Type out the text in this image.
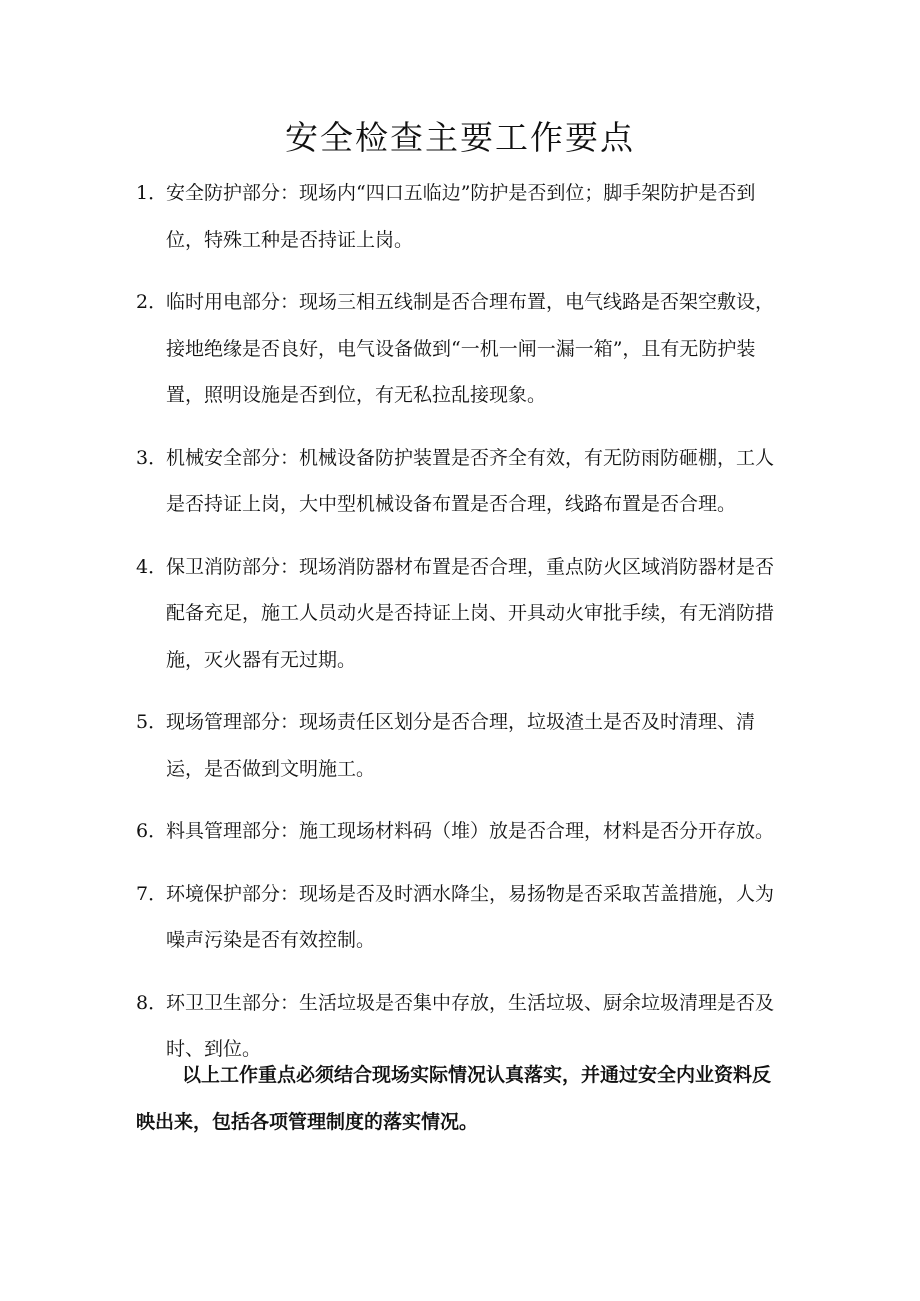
安全检查主要工作要点
1．
安全防护部分：现场内“四口五临边”防护是否到位；脚手架防护是否到位，特殊工种是否持证上岗。
2．
临时用电部分：现场三相五线制是否合理布置，电气线路是否架空敷设，接地绝缘是否良好，电气设备做到“一机一闸一漏一箱”，且有无防护装置，照明设施是否到位，有无私拉乱接现象。
3．
机械安全部分：机械设备防护装置是否齐全有效，有无防雨防砸棚，工人是否持证上岗，大中型机械设备布置是否合理，线路布置是否合理。
4．
保卫消防部分：现场消防器材布置是否合理，重点防火区域消防器材是否配备充足，施工人员动火是否持证上岗、开具动火审批手续，有无消防措施，灭火器有无过期。
5．
现场管理部分：现场责任区划分是否合理，垃圾渣土是否及时清理、清运，是否做到文明施工。
6．
料具管理部分：施工现场材料码（堆）放是否合理，材料是否分开存放。
7．
环境保护部分：现场是否及时洒水降尘，易扬物是否采取苫盖措施，人为噪声污染是否有效控制。
8．
环卫卫生部分：生活垃圾是否集中存放，生活垃圾、厨余垃圾清理是否及时、到位。
以上工作重点必须结合现场实际情况认真落实，并通过安全内业资料反映出来，包括各项管理制度的落实情况。
